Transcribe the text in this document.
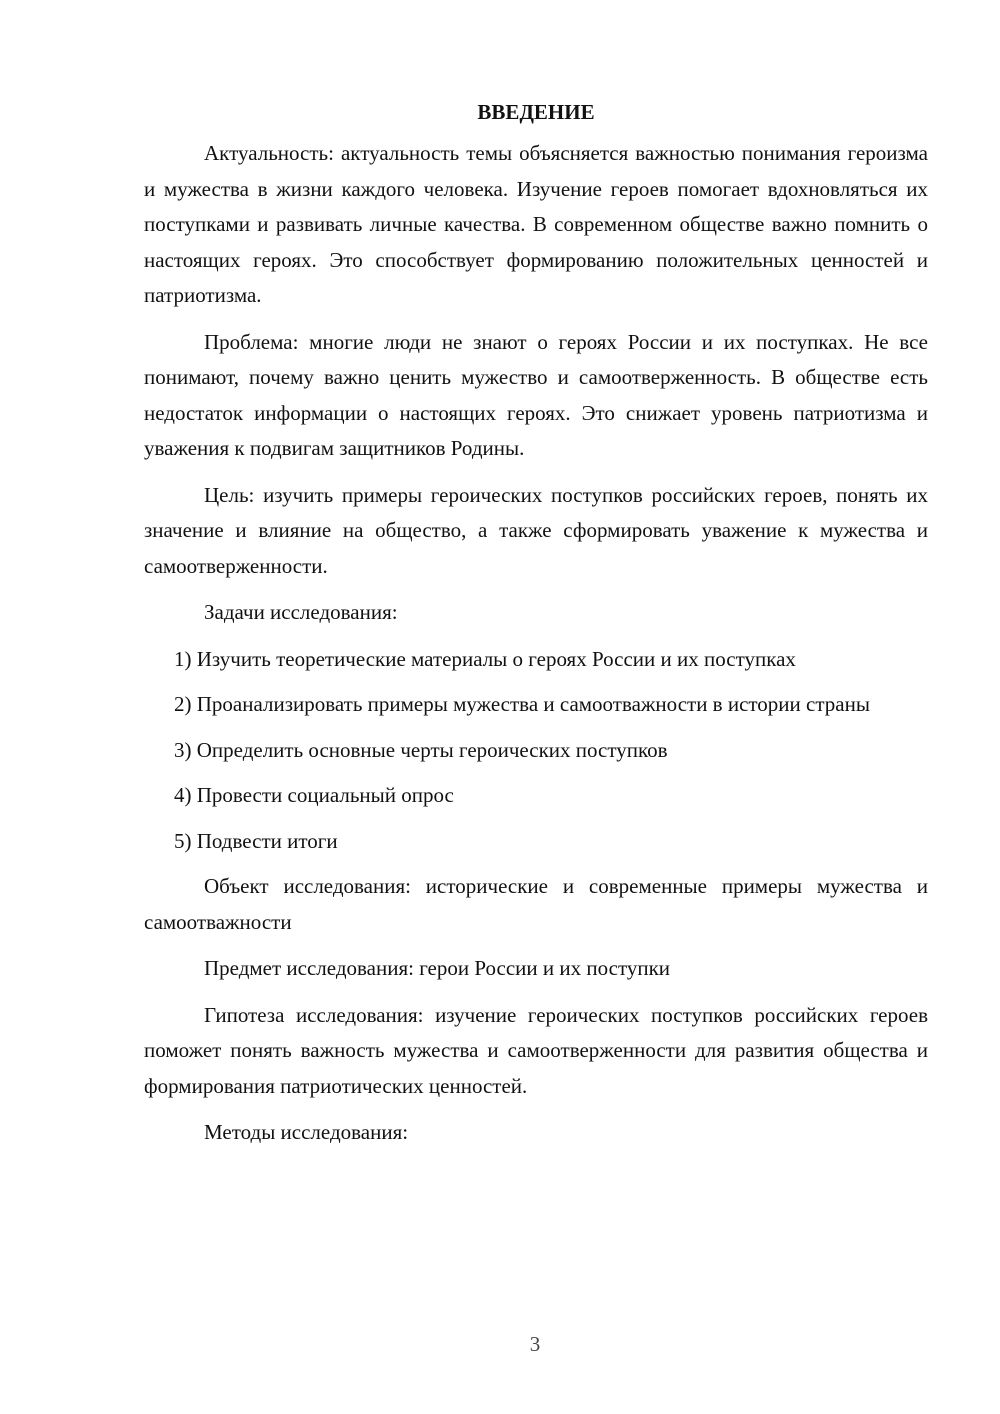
ВВЕДЕНИЕ

Актуальность: актуальность темы объясняется важностью понимания героизма и мужества в жизни каждого человека. Изучение героев помогает вдохновляться их поступками и развивать личные качества. В современном обществе важно помнить о настоящих героях. Это способствует формированию положительных ценностей и патриотизма.

Проблема: многие люди не знают о героях России и их поступках. Не все понимают, почему важно ценить мужество и самоотверженность. В обществе есть недостаток информации о настоящих героях. Это снижает уровень патриотизма и уважения к подвигам защитников Родины.

Цель: изучить примеры героических поступков российских героев, понять их значение и влияние на общество, а также сформировать уважение к мужества и самоотверженности.

Задачи исследования:

1) Изучить теоретические материалы о героях России и их поступках

2) Проанализировать примеры мужества и самоотважности в истории страны

3) Определить основные черты героических поступков

4) Провести социальный опрос

5) Подвести итоги

Объект исследования: исторические и современные примеры мужества и самоотважности

Предмет исследования: герои России и их поступки

Гипотеза исследования: изучение героических поступков российских героев поможет понять важность мужества и самоотверженности для развития общества и формирования патриотических ценностей.

Методы исследования:

3
